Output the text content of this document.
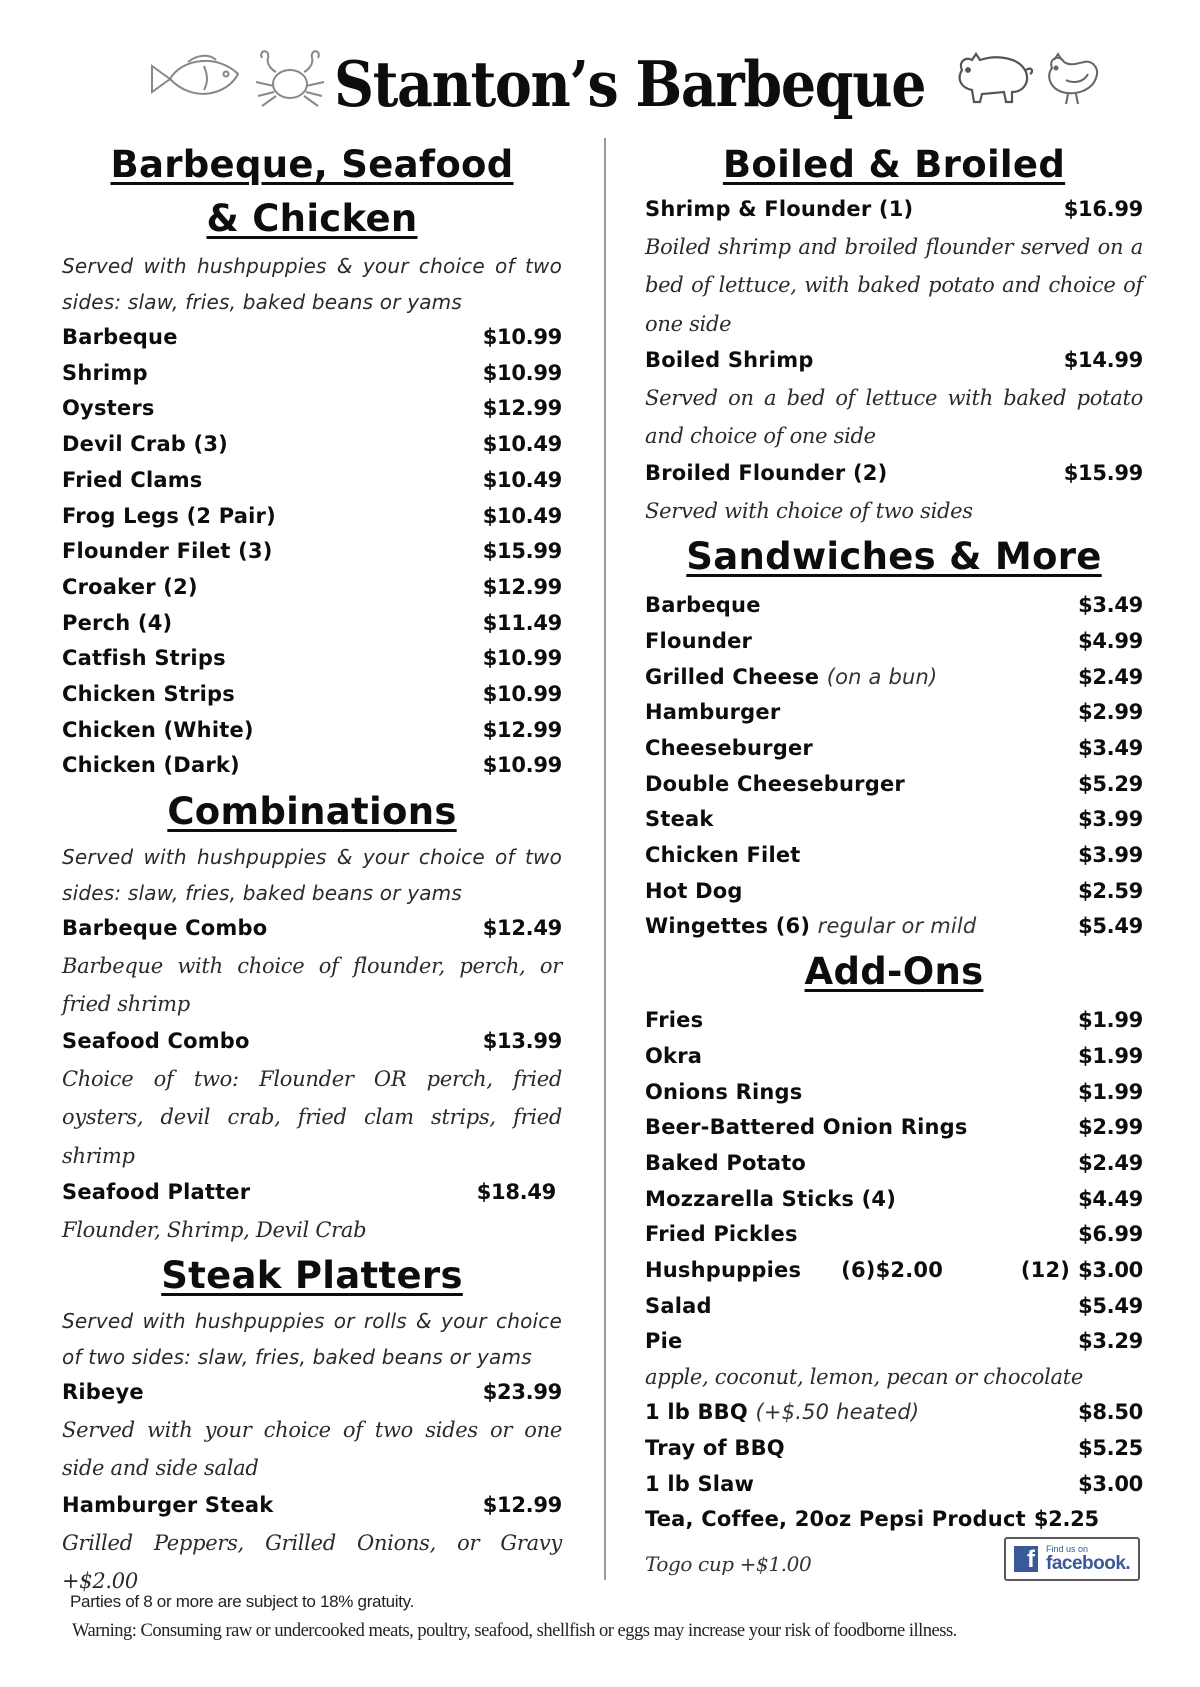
Stanton’s Barbeque
Barbeque, Seafood & Chicken
Served with hushpuppies & your choice of two sides: slaw, fries, baked beans or yams
Barbeque	$10.99
Shrimp	$10.99
Oysters	$12.99
Devil Crab (3)	$10.49
Fried Clams	$10.49
Frog Legs (2 Pair)	$10.49
Flounder Filet (3)	$15.99
Croaker (2)	$12.99
Perch (4)	$11.49
Catfish Strips	$10.99
Chicken Strips	$10.99
Chicken (White)	$12.99
Chicken (Dark)	$10.99
Combinations
Served with hushpuppies & your choice of two sides: slaw, fries, baked beans or yams
Barbeque Combo	$12.49
Barbeque with choice of flounder, perch, or fried shrimp
Seafood Combo	$13.99
Choice of two: Flounder OR perch, fried oysters, devil crab, fried clam strips, fried shrimp
Seafood Platter	$18.49
Flounder, Shrimp, Devil Crab
Steak Platters
Served with hushpuppies or rolls & your choice of two sides: slaw, fries, baked beans or yams
Ribeye	$23.99
Served with your choice of two sides or one side and side salad
Hamburger Steak	$12.99
Grilled Peppers, Grilled Onions, or Gravy +$2.00
Boiled & Broiled
Shrimp & Flounder (1)	$16.99
Boiled shrimp and broiled flounder served on a bed of lettuce, with baked potato and choice of one side
Boiled Shrimp	$14.99
Served on a bed of lettuce with baked potato and choice of one side
Broiled Flounder (2)	$15.99
Served with choice of two sides
Sandwiches & More
Barbeque	$3.49
Flounder	$4.99
Grilled Cheese (on a bun)	$2.49
Hamburger	$2.99
Cheeseburger	$3.49
Double Cheeseburger	$5.29
Steak	$3.99
Chicken Filet	$3.99
Hot Dog	$2.59
Wingettes (6) regular or mild	$5.49
Add-Ons
Fries	$1.99
Okra	$1.99
Onions Rings	$1.99
Beer-Battered Onion Rings	$2.99
Baked Potato	$2.49
Mozzarella Sticks (4)	$4.49
Fried Pickles	$6.99
Hushpuppies (6)$2.00	(12) $3.00
Salad	$5.49
Pie	$3.29
apple, coconut, lemon, pecan or chocolate
1 lb BBQ (+$.50 heated)	$8.50
Tray of BBQ	$5.25
1 lb Slaw	$3.00
Tea, Coffee, 20oz Pepsi Product $2.25
Togo cup +$1.00	f	Find us on
facebook.
Parties of 8 or more are subject to 18% gratuity.
Warning: Consuming raw or undercooked meats, poultry, seafood, shellfish or eggs may increase your risk of foodborne illness.
